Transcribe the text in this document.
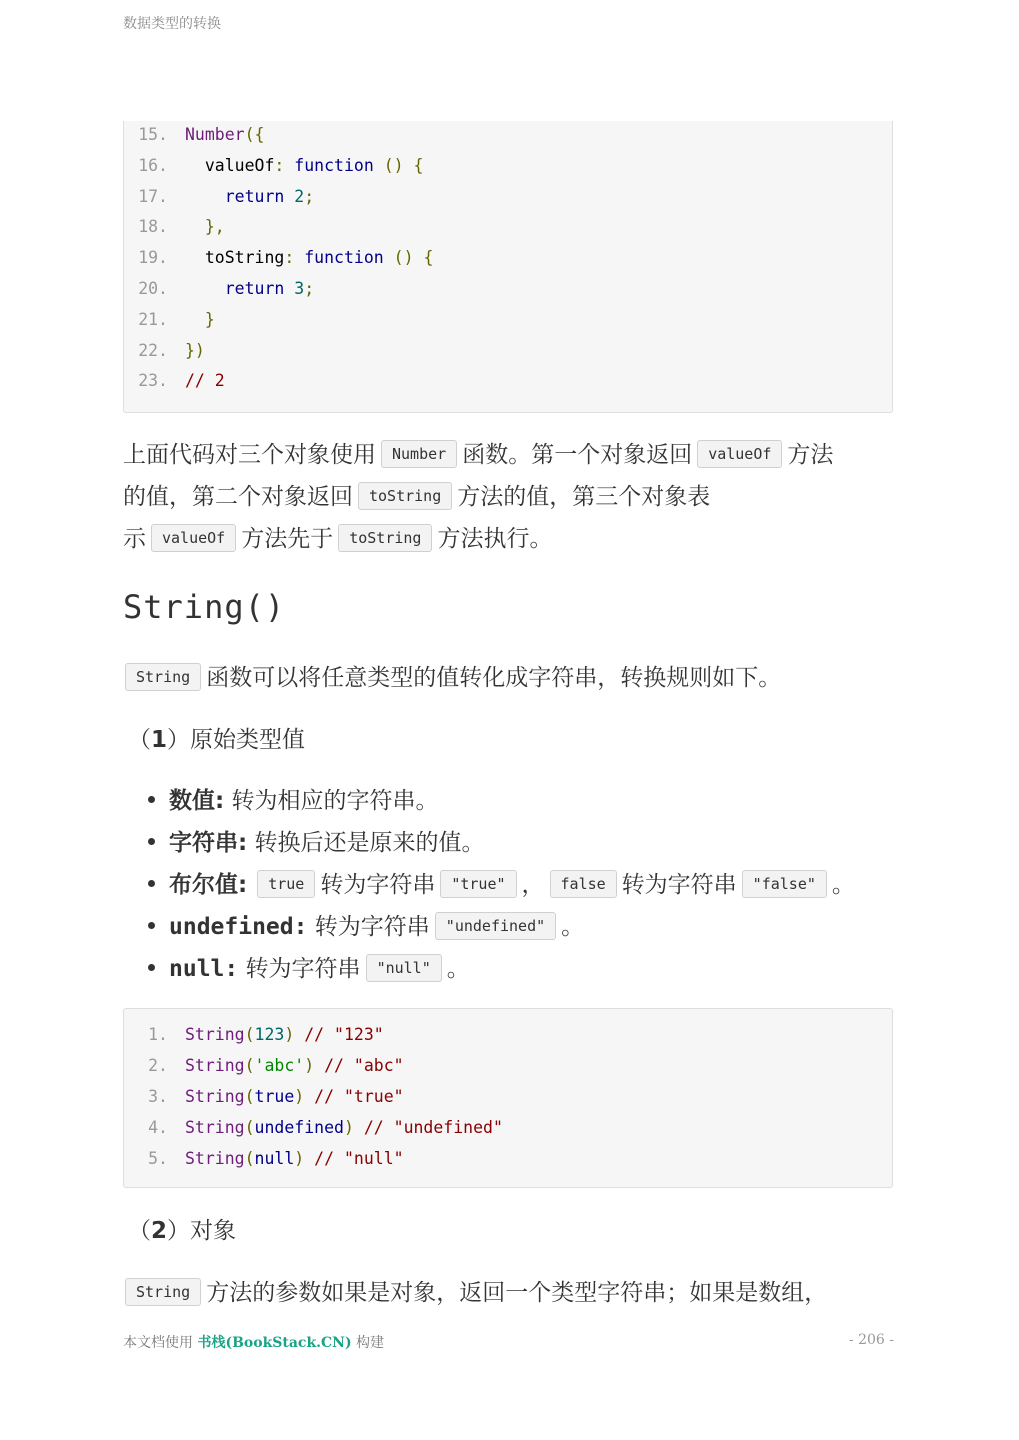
数据类型的转换
15. Number({
16.  valueOf: function () {
17.	return 2;
18. },
19.  toString: function () {
20.	return 3;
21. }
22. })
23. // 2
上面代码对三个对象使用 Number 函数。第一个对象返回 valueOf 方法
的值，第二个对象返回 toString 方法的值，第三个对象表
示 valueOf 方法先于 toString 方法执行。
String()
String 函数可以将任意类型的值转化成字符串，转换规则如下。
（1）原始类型值
数值: 转为相应的字符串。
字符串: 转换后还是原来的值。
布尔值: true 转为字符串 "true" ， false 转为字符串 "false" 。
undefined: 转为字符串 "undefined" 。
null: 转为字符串 "null" 。
1. String(123) // "123"
2. String('abc') // "abc"
3. String(true) // "true"
4. String(undefined) // "undefined"
5. String(null) // "null"
（2）对象
String 方法的参数如果是对象，返回一个类型字符串；如果是数组，
本文档使用 书栈(BookStack.CN) 构建	- 206 -
